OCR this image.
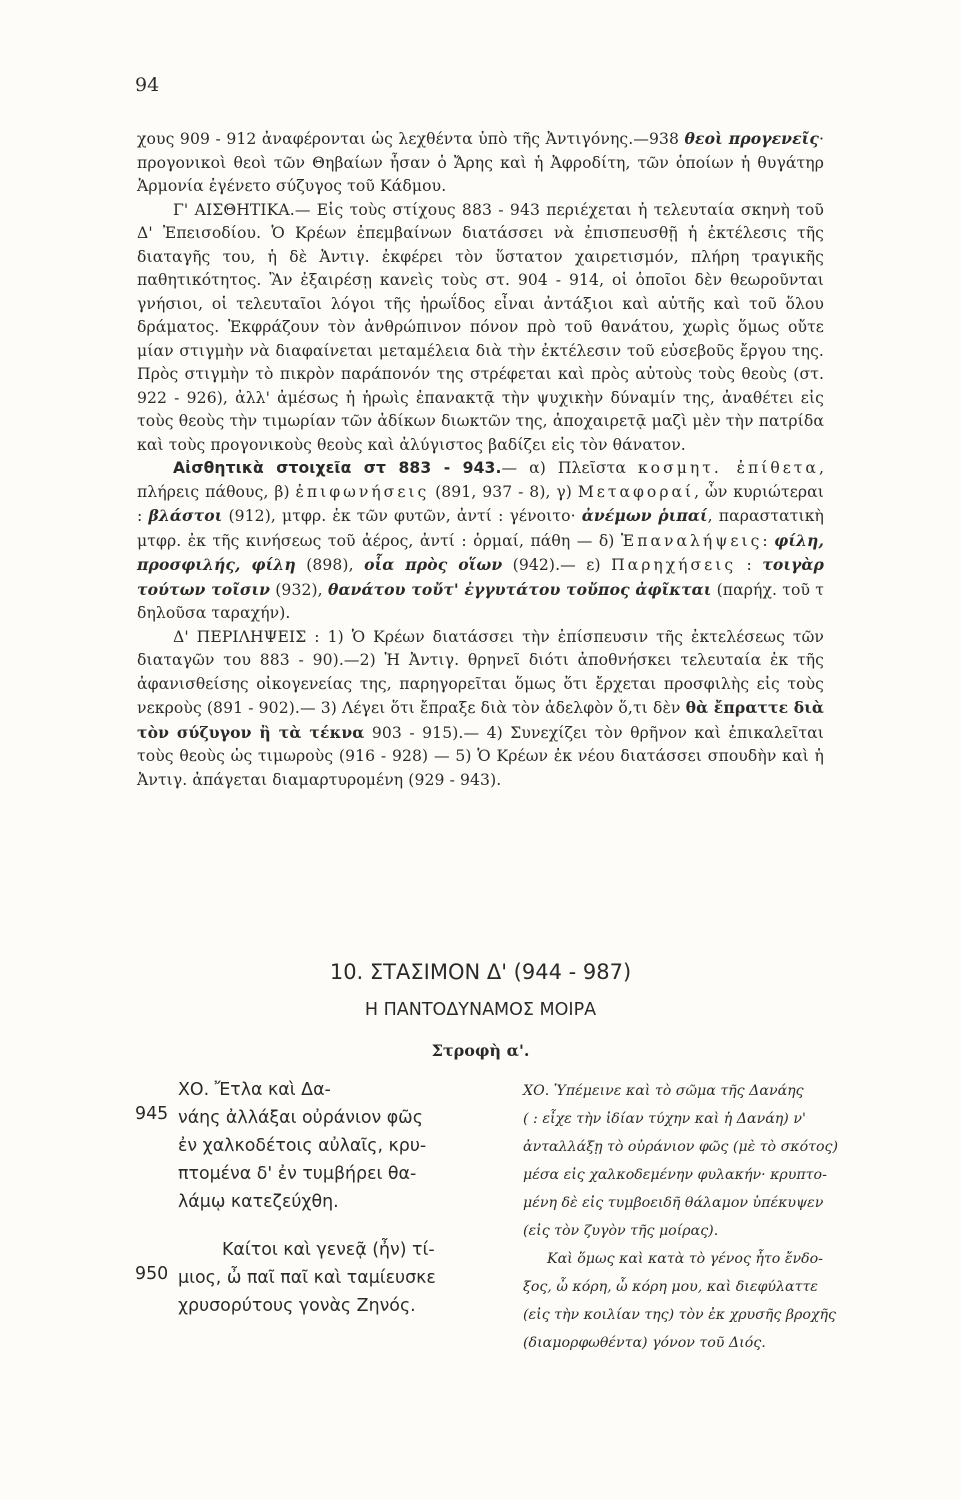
94

χους 909 - 912 ἀναφέρονται ὡς λεχθέντα ὑπὸ τῆς Ἀντιγόνης.—938 θεοὶ προγενεῖς· προγονικοὶ θεοὶ τῶν Θηβαίων ἦσαν ὁ Ἄρης καὶ ἡ Ἀφροδίτη, τῶν ὁποίων ἡ θυγάτηρ Ἁρμονία ἐγένετο σύζυγος τοῦ Κάδμου.

Γ' ΑΙΣΘΗΤΙΚΑ.— Εἰς τοὺς στίχους 883 - 943 περιέχεται ἡ τελευταία σκηνὴ τοῦ Δ' Ἐπεισοδίου. Ὁ Κρέων ἐπεμβαίνων διατάσσει νὰ ἐπισπευσθῇ ἡ ἐκτέλεσις τῆς διαταγῆς του, ἡ δὲ Ἀντιγ. ἐκφέρει τὸν ὕστατον χαιρετισμόν, πλήρη τραγικῆς παθητικότητος. Ἂν ἐξαιρέσῃ κανεὶς τοὺς στ. 904 - 914, οἱ ὁποῖοι δὲν θεωροῦνται γνήσιοι, οἱ τελευταῖοι λόγοι τῆς ἡρωΐδος εἶναι ἀντάξιοι καὶ αὐτῆς καὶ τοῦ ὅλου δράματος. Ἐκφράζουν τὸν ἀνθρώπινον πόνον πρὸ τοῦ θανάτου, χωρὶς ὅμως οὔτε μίαν στιγμὴν νὰ διαφαίνεται μεταμέλεια διὰ τὴν ἐκτέλεσιν τοῦ εὐσεβοῦς ἔργου της. Πρὸς στιγμὴν τὸ πικρὸν παράπονόν της στρέφεται καὶ πρὸς αὐτοὺς τοὺς θεοὺς (στ. 922 - 926), ἀλλ' ἀμέσως ἡ ἡρωὶς ἐπανακτᾷ τὴν ψυχικὴν δύναμίν της, ἀναθέτει εἰς τοὺς θεοὺς τὴν τιμωρίαν τῶν ἀδίκων διωκτῶν της, ἀποχαιρετᾷ μαζὶ μὲν τὴν πατρίδα καὶ τοὺς προγονικοὺς θεοὺς καὶ ἀλύγιστος βαδίζει εἰς τὸν θάνατον.

Αἰσθητικὰ στοιχεῖα στ 883 - 943.— α) Πλεῖστα κοσμητ. ἐπίθετα, πλήρεις πάθους, β) ἐπιφωνήσεις (891, 937 - 8), γ) Μεταφοραί, ὧν κυριώτεραι : βλάστοι (912), μτφρ. ἐκ τῶν φυτῶν, ἀντί : γένοιτο· ἀνέμων ῥιπαί, παραστατικὴ μτφρ. ἐκ τῆς κινήσεως τοῦ ἀέρος, ἀντί : ὁρμαί, πάθη — δ) Ἐπαναλήψεις: φίλη, προσφιλής, φίλη (898), οἷα πρὸς οἵων (942).— ε) Παρηχήσεις : τοιγὰρ τούτων τοῖσιν (932), θανάτου τοὔτ' ἐγγυτάτου τοὔπος ἀφῖκται (παρήχ. τοῦ τ δηλοῦσα ταραχήν).

Δ' ΠΕΡΙΛΗΨΕΙΣ : 1) Ὁ Κρέων διατάσσει τὴν ἐπίσπευσιν τῆς ἐκτελέσεως τῶν διαταγῶν του 883 - 90).—2) Ἡ Ἀντιγ. θρηνεῖ διότι ἀποθνήσκει τελευταία ἐκ τῆς ἀφανισθείσης οἰκογενείας της, παρηγορεῖται ὅμως ὅτι ἔρχεται προσφιλὴς εἰς τοὺς νεκροὺς (891 - 902).— 3) Λέγει ὅτι ἔπραξε διὰ τὸν ἀδελφὸν ὅ,τι δὲν θὰ ἔπραττε διὰ τὸν σύζυγον ἢ τὰ τέκνα 903 - 915).— 4) Συνεχίζει τὸν θρῆνον καὶ ἐπικαλεῖται τοὺς θεοὺς ὡς τιμωροὺς (916 - 928) — 5) Ὁ Κρέων ἐκ νέου διατάσσει σπουδὴν καὶ ἡ Ἀντιγ. ἀπάγεται διαμαρτυρομένη (929 - 943).

10. ΣΤΑΣΙΜΟΝ Δ' (944 - 987)
Η ΠΑΝΤΟΔΥΝΑΜΟΣ ΜΟΙΡΑ
Στροφὴ α'.
945
950
ΧΟ. Ἔτλα καὶ Δα-
νάης ἀλλάξαι οὐράνιον φῶς
ἐν χαλκοδέτοις αὐλαῖς, κρυ-
πτομένα δ' ἐν τυμβήρει θα-
λάμῳ κατεζεύχθη.
Καίτοι καὶ γενεᾷ (ἦν) τί-
μιος, ὦ παῖ παῖ καὶ ταμίευσκε
χρυσορύτους γονὰς Ζηνός.
ΧΟ. Ὑπέμεινε καὶ τὸ σῶμα τῆς Δανάης
( : εἶχε τὴν ἰδίαν τύχην καὶ ἡ Δανάη) ν'
ἀνταλλάξῃ τὸ οὐράνιον φῶς (μὲ τὸ σκότος)
μέσα εἰς χαλκοδεμένην φυλακήν· κρυπτο-
μένη δὲ εἰς τυμβοειδῆ θάλαμον ὑπέκυψεν
(εἰς τὸν ζυγὸν τῆς μοίρας).
Καὶ ὅμως καὶ κατὰ τὸ γένος ἦτο ἔνδο-
ξος, ὦ κόρη, ὦ κόρη μου, καὶ διεφύλαττε
(εἰς τὴν κοιλίαν της) τὸν ἐκ χρυσῆς βροχῆς
(διαμορφωθέντα) γόνον τοῦ Διός.
